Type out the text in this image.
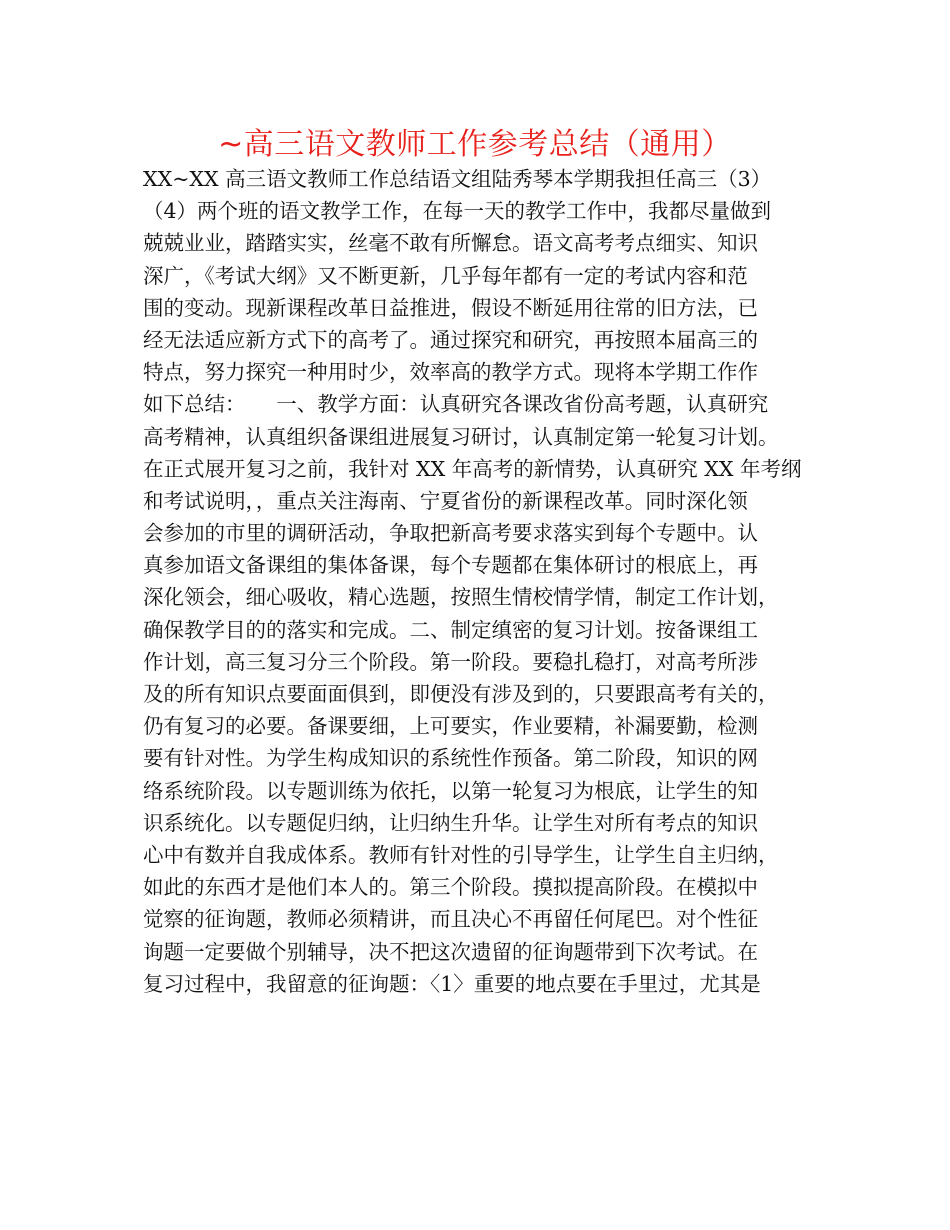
~高三语文教师工作参考总结（通用）
XX~XX 高三语文教师工作总结语文组陆秀琴本学期我担任高三（3）
（4）两个班的语文教学工作，在每一天的教学工作中，我都尽量做到
兢兢业业，踏踏实实，丝毫不敢有所懈怠。语文高考考点细实、知识
深广，《考试大纲》又不断更新，几乎每年都有一定的考试内容和范
围的变动。现新课程改革日益推进，假设不断延用往常的旧方法，已
经无法适应新方式下的高考了。通过探究和研究，再按照本届高三的
特点，努力探究一种用时少，效率高的教学方式。现将本学期工作作
如下总结：　　一、教学方面：认真研究各课改省份高考题，认真研究
高考精神，认真组织备课组进展复习研讨，认真制定第一轮复习计划。
在正式展开复习之前，我针对 XX 年高考的新情势，认真研究 XX 年考纲
和考试说明，，重点关注海南、宁夏省份的新课程改革。同时深化领
会参加的市里的调研活动，争取把新高考要求落实到每个专题中。认
真参加语文备课组的集体备课，每个专题都在集体研讨的根底上，再
深化领会，细心吸收，精心选题，按照生情校情学情，制定工作计划，
确保教学目的的落实和完成。二、制定缜密的复习计划。按备课组工
作计划，高三复习分三个阶段。第一阶段。要稳扎稳打，对高考所涉
及的所有知识点要面面俱到，即便没有涉及到的，只要跟高考有关的，
仍有复习的必要。备课要细，上可要实，作业要精，补漏要勤，检测
要有针对性。为学生构成知识的系统性作预备。第二阶段，知识的网
络系统阶段。以专题训练为依托，以第一轮复习为根底，让学生的知
识系统化。以专题促归纳，让归纳生升华。让学生对所有考点的知识
心中有数并自我成体系。教师有针对性的引导学生，让学生自主归纳，
如此的东西才是他们本人的。第三个阶段。摸拟提高阶段。在模拟中
觉察的征询题，教师必须精讲，而且决心不再留任何尾巴。对个性征
询题一定要做个别辅导，决不把这次遗留的征询题带到下次考试。在
复习过程中，我留意的征询题：〈1〉重要的地点要在手里过，尤其是
